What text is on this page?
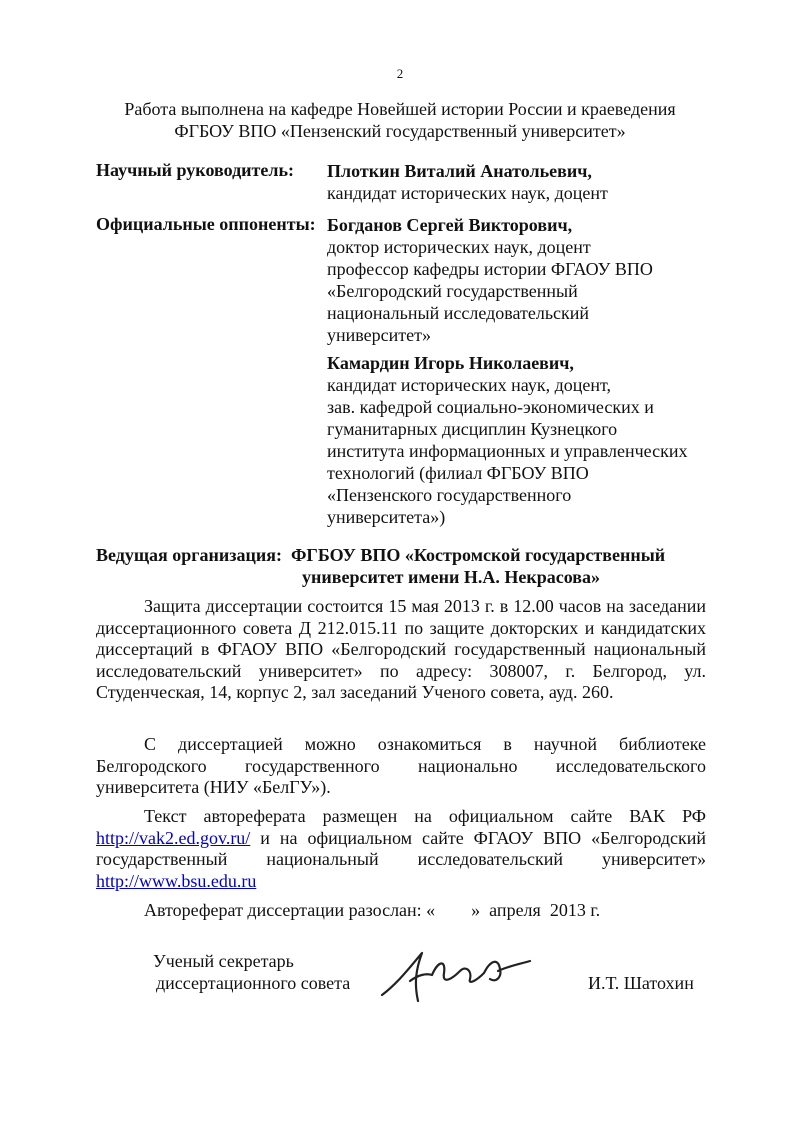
2
Работа выполнена на кафедре Новейшей истории России и краеведения
ФГБОУ ВПО «Пензенский государственный университет»
Научный руководитель: Плоткин Виталий Анатольевич,
кандидат исторических наук, доцент
Официальные оппоненты: Богданов Сергей Викторович,
доктор исторических наук, доцент
профессор кафедры истории ФГАОУ ВПО
«Белгородский государственный
национальный исследовательский
университет»
Камардин Игорь Николаевич,
кандидат исторических наук, доцент,
зав. кафедрой социально-экономических и
гуманитарных дисциплин Кузнецкого
института информационных и управленческих
технологий (филиал ФГБОУ ВПО
«Пензенского государственного
университета»)
Ведущая организация: ФГБОУ ВПО «Костромской государственный
университет имени Н.А. Некрасова»

Защита диссертации состоится 15 мая 2013 г. в 12.00 часов на заседании диссертационного совета Д 212.015.11 по защите докторских и кандидатских диссертаций в ФГАОУ ВПО «Белгородский государственный национальный исследовательский университет» по адресу: 308007, г. Белгород, ул. Студенческая, 14, корпус 2, зал заседаний Ученого совета, ауд. 260.

С диссертацией можно ознакомиться в научной библиотеке Белгородского государственного национально исследовательского университета (НИУ «БелГУ»).

Текст автореферата размещен на официальном сайте ВАК РФ http://vak2.ed.gov.ru/ и на официальном сайте ФГАОУ ВПО «Белгородский государственный национальный исследовательский университет» http://www.bsu.edu.ru

Автореферат диссертации разослан: «        »  апреля  2013 г.

Ученый секретарь
диссертационного совета	И.Т. Шатохин
